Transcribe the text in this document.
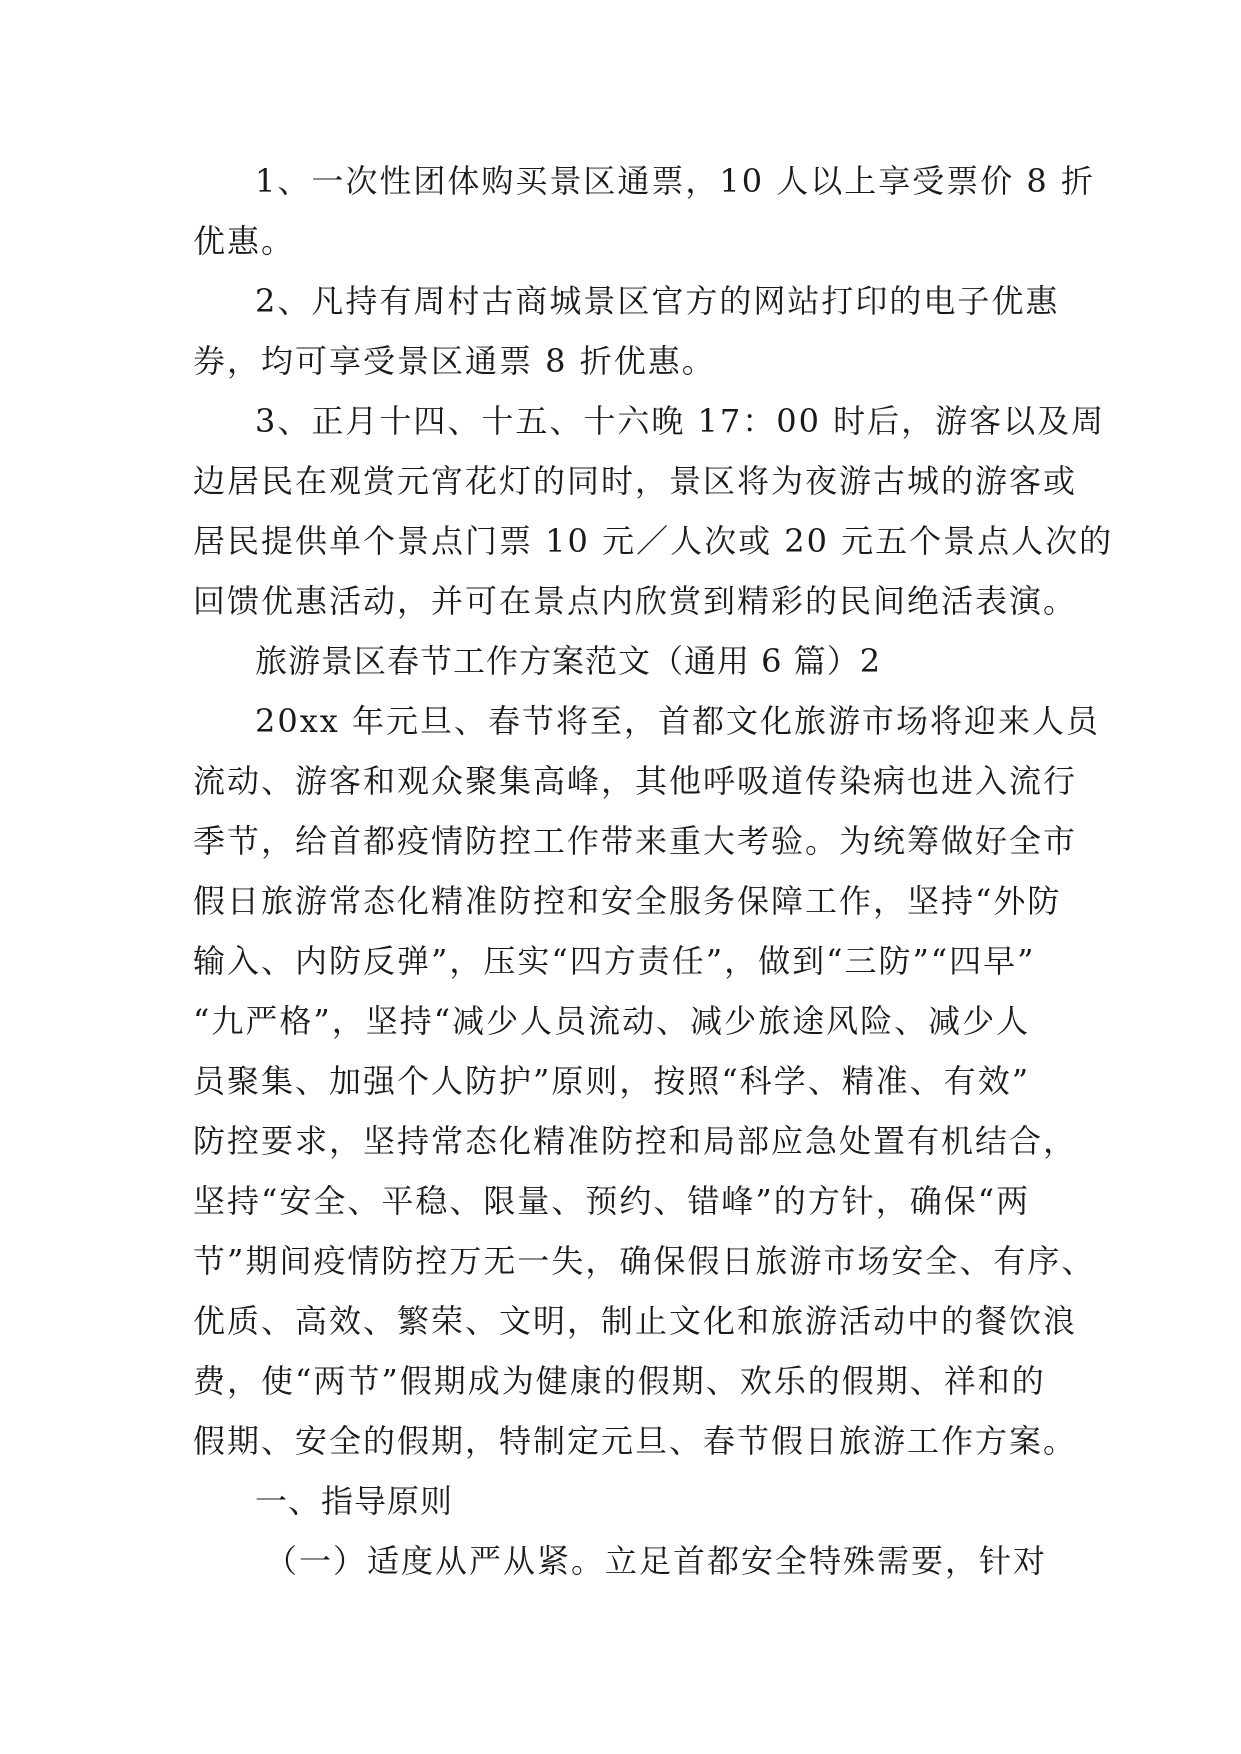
1、一次性团体购买景区通票，10 人以上享受票价 8 折
优惠。
2、凡持有周村古商城景区官方的网站打印的电子优惠
券，均可享受景区通票 8 折优惠。
3、正月十四、十五、十六晚 17：00 时后，游客以及周
边居民在观赏元宵花灯的同时，景区将为夜游古城的游客或
居民提供单个景点门票 10 元／人次或 20 元五个景点人次的
回馈优惠活动，并可在景点内欣赏到精彩的民间绝活表演。
旅游景区春节工作方案范文（通用 6 篇）2
20xx 年元旦、春节将至，首都文化旅游市场将迎来人员
流动、游客和观众聚集高峰，其他呼吸道传染病也进入流行
季节，给首都疫情防控工作带来重大考验。为统筹做好全市
假日旅游常态化精准防控和安全服务保障工作，坚持“外防
输入、内防反弹”，压实“四方责任”，做到“三防”“四早”
“九严格”，坚持“减少人员流动、减少旅途风险、减少人
员聚集、加强个人防护”原则，按照“科学、精准、有效”
防控要求，坚持常态化精准防控和局部应急处置有机结合，
坚持“安全、平稳、限量、预约、错峰”的方针，确保“两
节”期间疫情防控万无一失，确保假日旅游市场安全、有序、
优质、高效、繁荣、文明，制止文化和旅游活动中的餐饮浪
费，使“两节”假期成为健康的假期、欢乐的假期、祥和的
假期、安全的假期，特制定元旦、春节假日旅游工作方案。
一、指导原则
（一）适度从严从紧。立足首都安全特殊需要，针对
